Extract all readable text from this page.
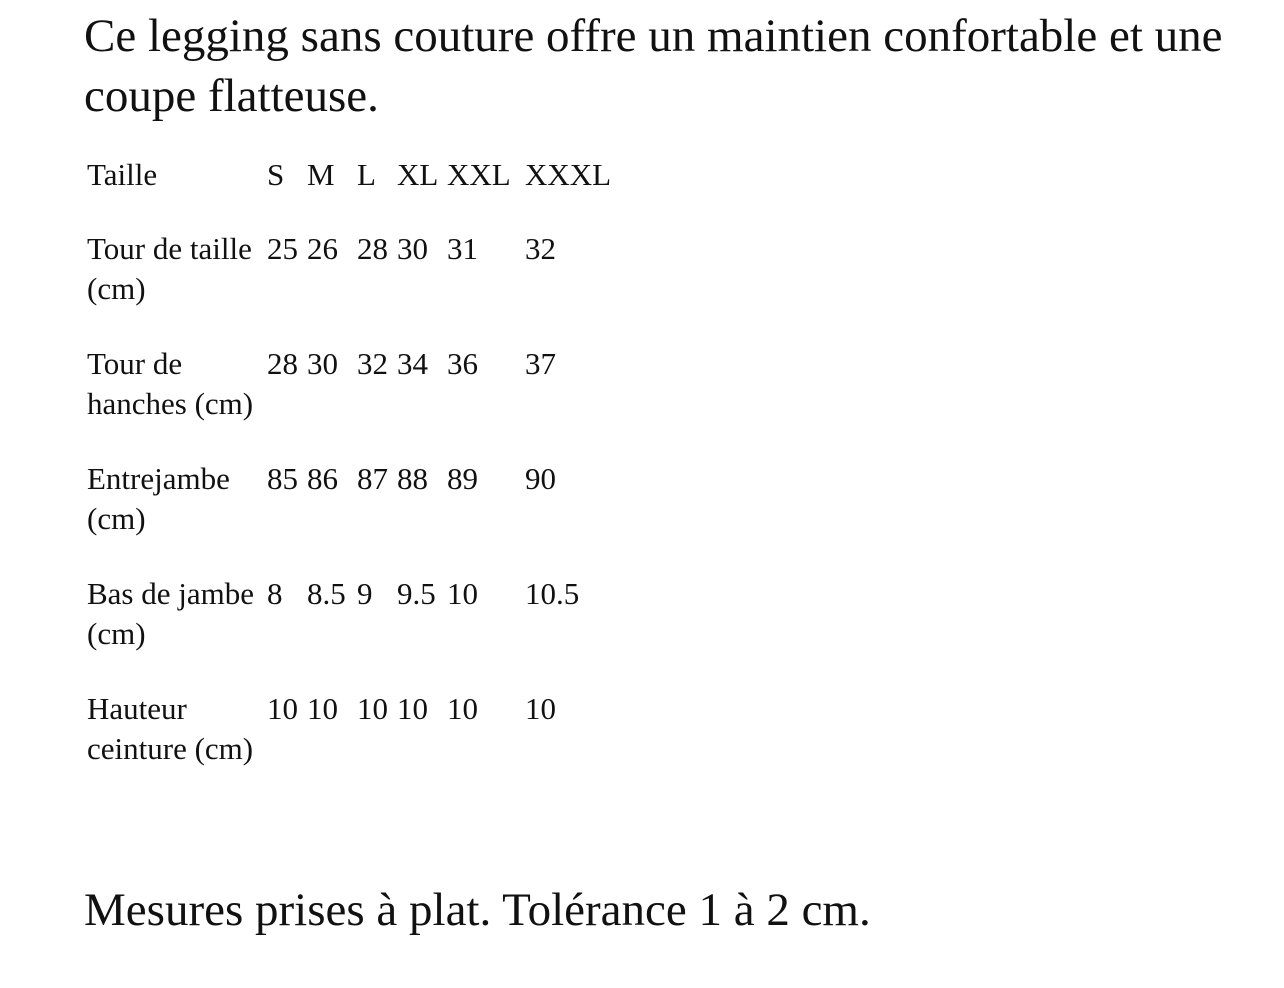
Ce legging sans couture offre un maintien confortable et une coupe flatteuse.

Taille	S	M	L	XL	XXL	XXXL
Tour de taille (cm)	25	26	28	30	31	32
Tour de hanches (cm)	28	30	32	34	36	37
Entrejambe (cm)	85	86	87	88	89	90
Bas de jambe (cm)	8	8.5	9	9.5	10	10.5
Hauteur ceinture (cm)	10	10	10	10	10	10

Mesures prises à plat. Tolérance 1 à 2 cm.
